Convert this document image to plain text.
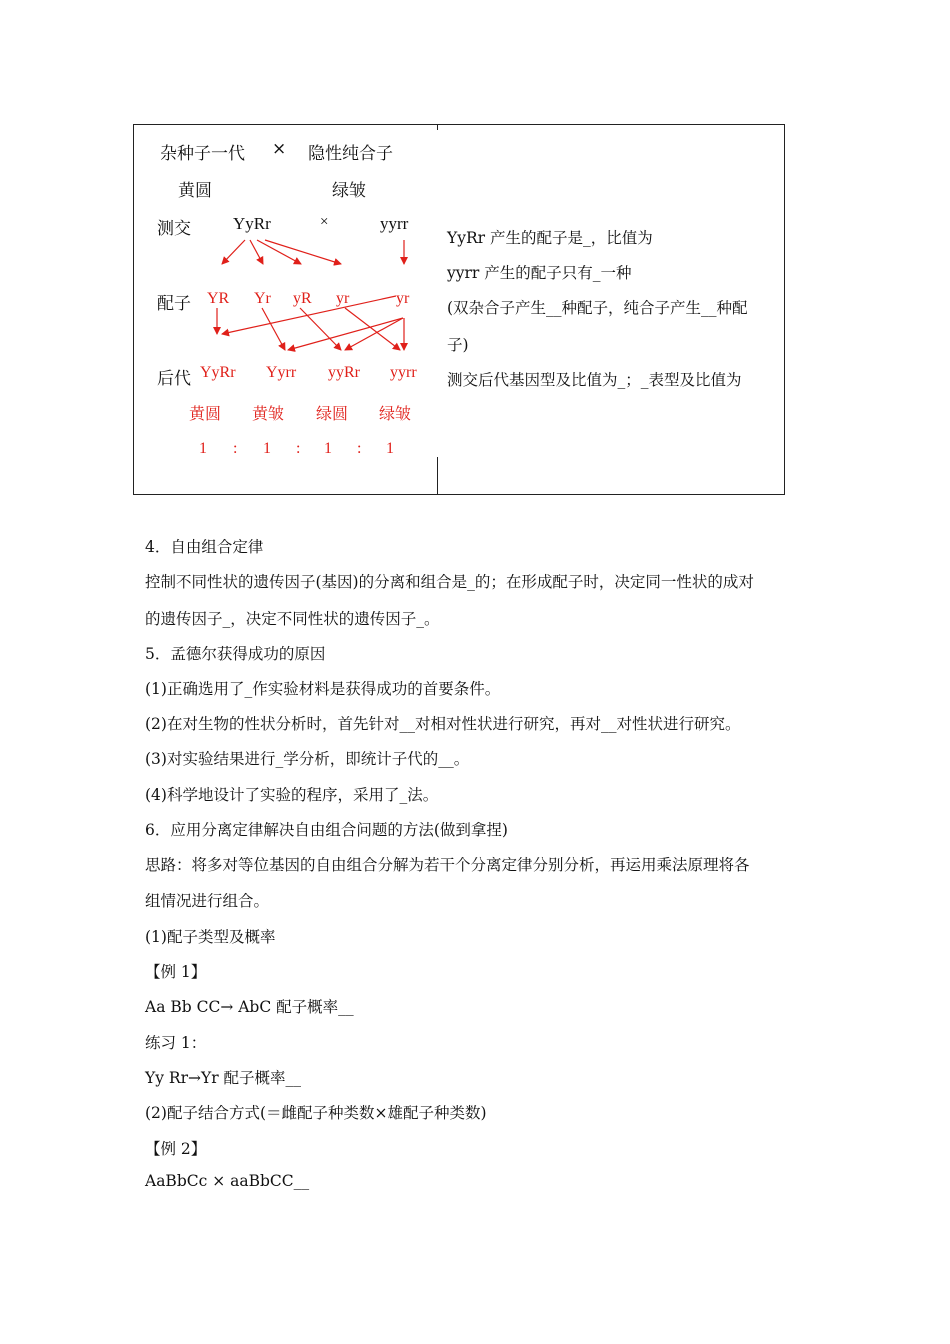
杂种子一代 × 隐性纯合子
黄圆	绿皱
测交 YyRr	×	yyrr
配子 YR Yr yR yr	yr
后代 YyRr Yyrr yyRr yyrr
黄圆 黄皱 绿圆 绿皱
1 : 1 : 1 : 1
YyRr 产生的配子是_，比值为
yyrr 产生的配子只有_一种
(双杂合子产生__种配子，纯合子产生__种配
子)
测交后代基因型及比值为_；_表型及比值为
4．自由组合定律
控制不同性状的遗传因子(基因)的分离和组合是_的；在形成配子时，决定同一性状的成对
的遗传因子_，决定不同性状的遗传因子_。
5．孟德尔获得成功的原因
(1)正确选用了_作实验材料是获得成功的首要条件。
(2)在对生物的性状分析时，首先针对__对相对性状进行研究，再对__对性状进行研究。
(3)对实验结果进行_学分析，即统计子代的__。
(4)科学地设计了实验的程序，采用了_法。
6．应用分离定律解决自由组合问题的方法(做到拿捏)
思路：将多对等位基因的自由组合分解为若干个分离定律分别分析，再运用乘法原理将各
组情况进行组合。
(1)配子类型及概率
【例 1】
Aa Bb CC→ AbC 配子概率__
练习 1：
Yy Rr→Yr 配子概率__
(2)配子结合方式(＝雌配子种类数×雄配子种类数)
【例 2】
AaBbCc × aaBbCC__
